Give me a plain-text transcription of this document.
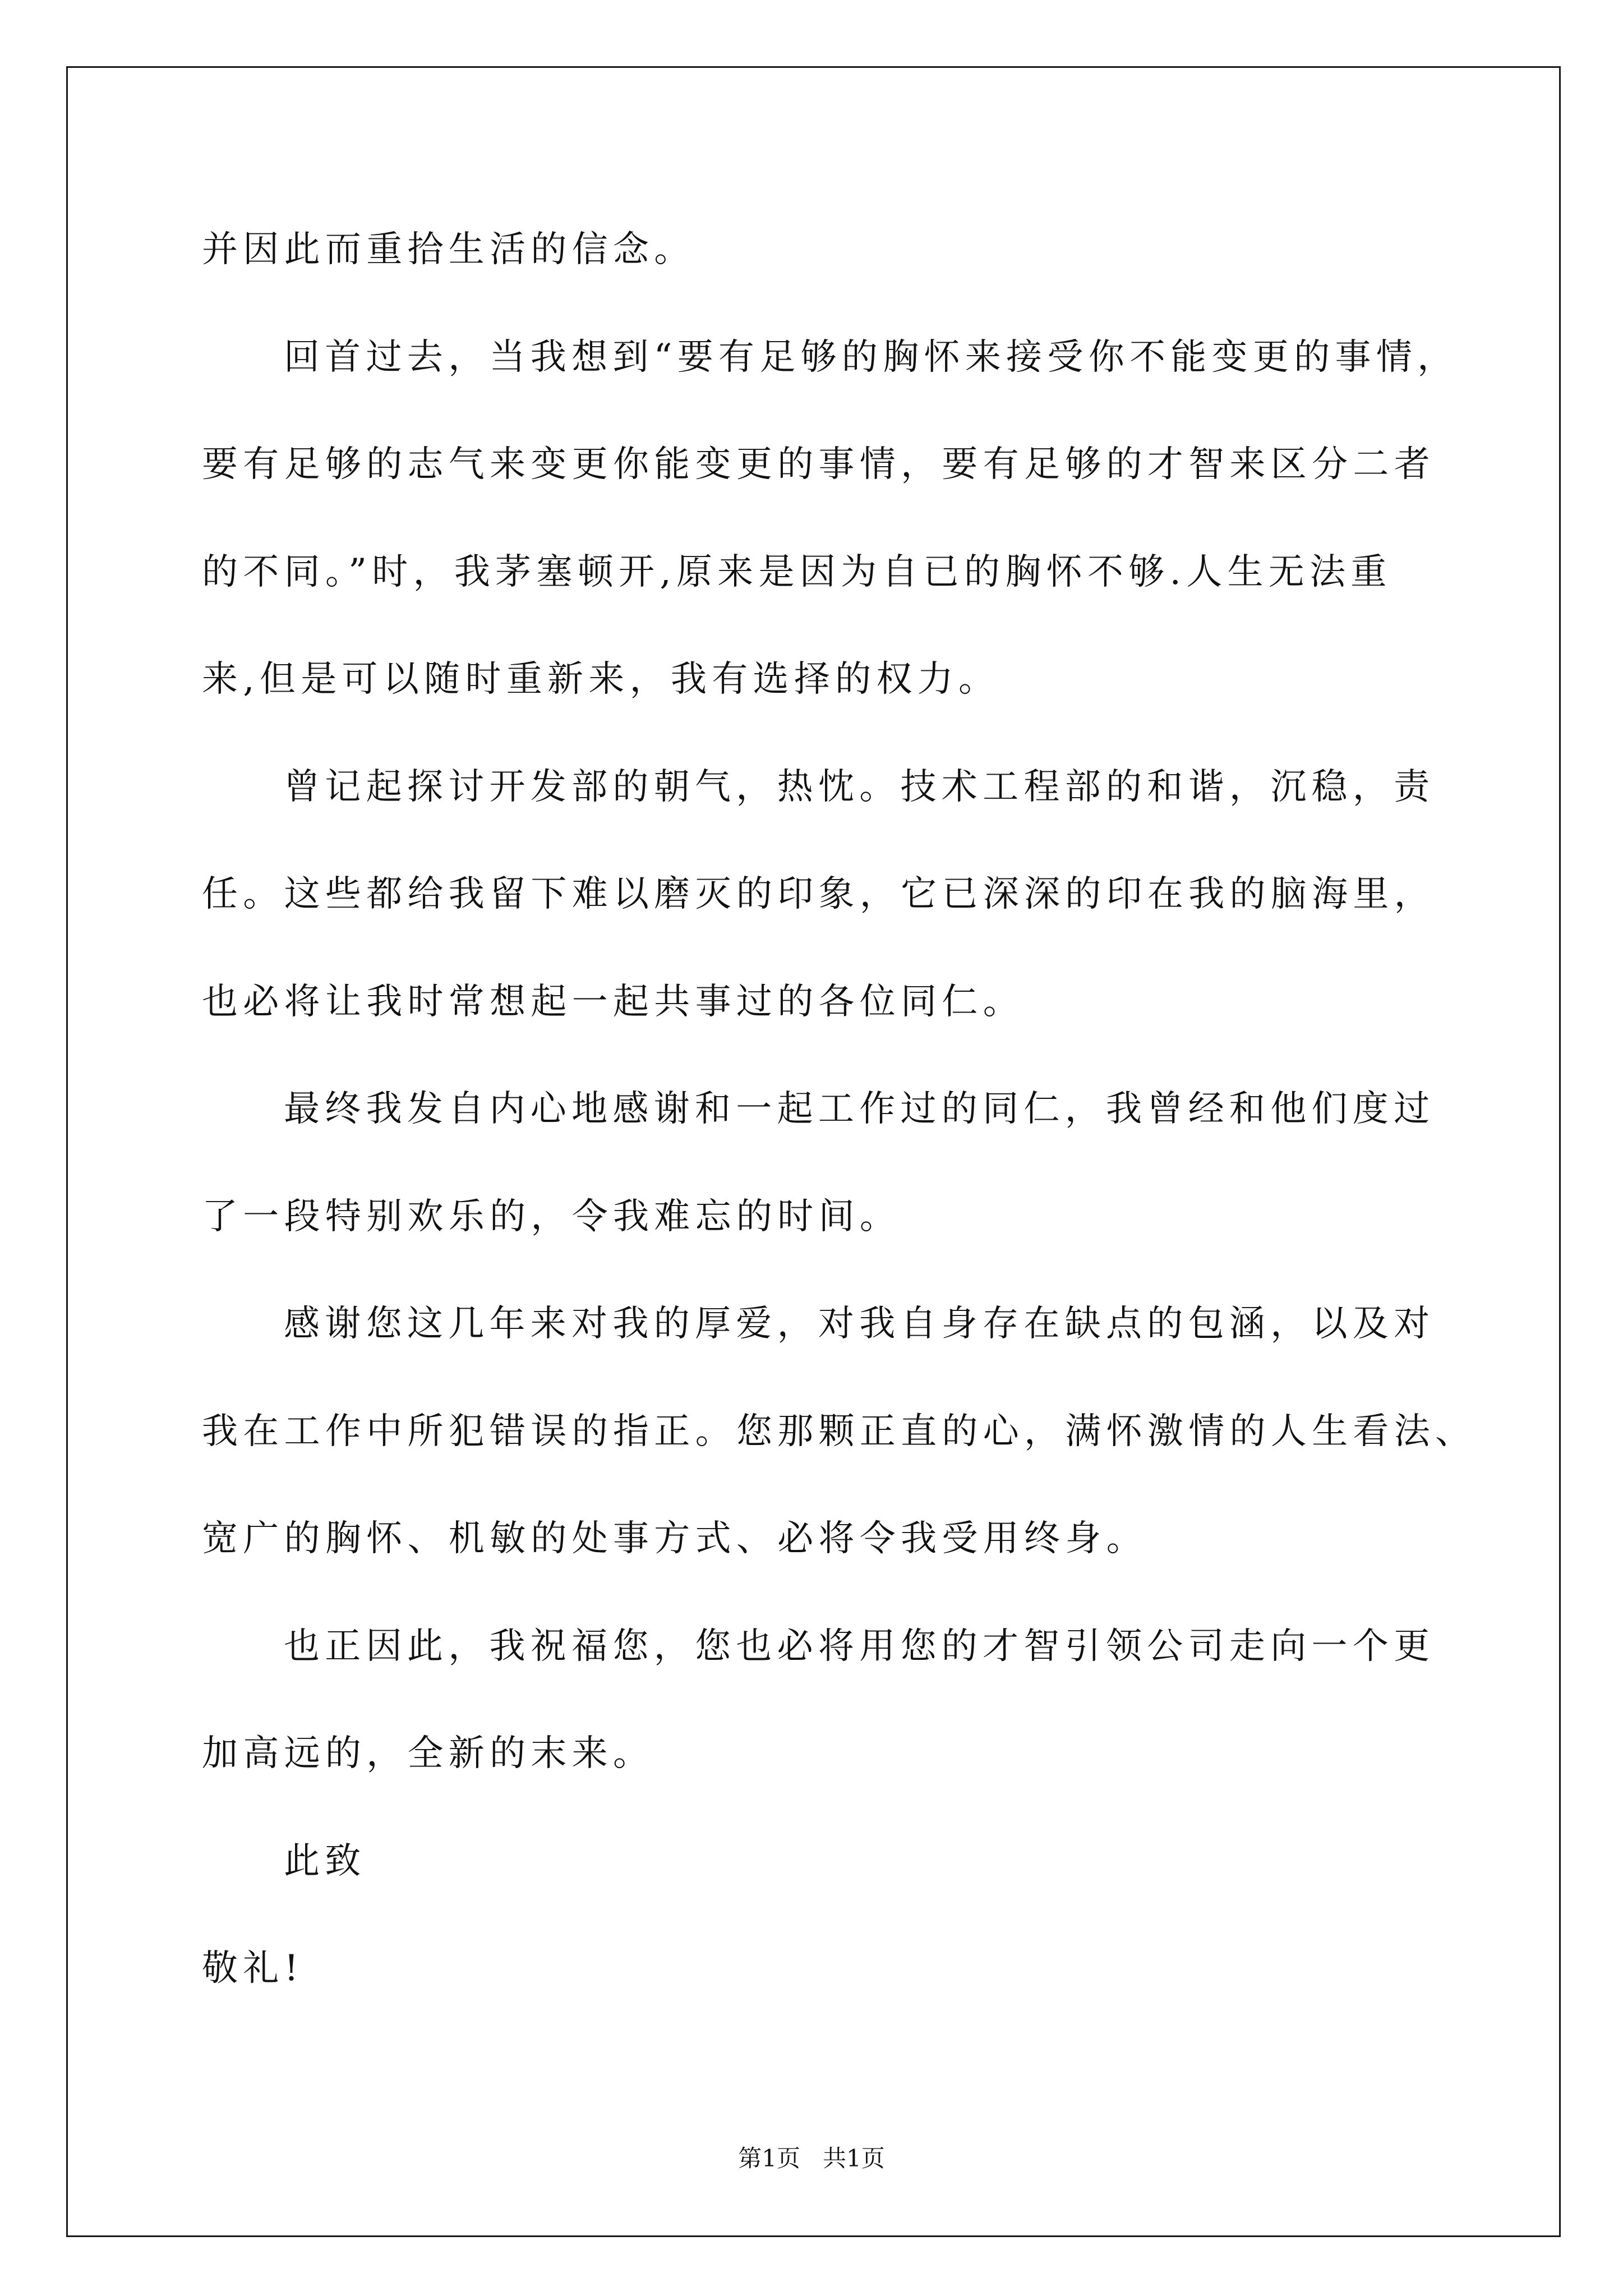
并因此而重拾生活的信念。
回首过去，当我想到“要有足够的胸怀来接受你不能变更的事情，
要有足够的志气来变更你能变更的事情，要有足够的才智来区分二者
的不同。”时，我茅塞顿开,原来是因为自已的胸怀不够.人生无法重
来,但是可以随时重新来，我有选择的权力。
曾记起探讨开发部的朝气，热忱。技术工程部的和谐，沉稳，责
任。这些都给我留下难以磨灭的印象，它已深深的印在我的脑海里，
也必将让我时常想起一起共事过的各位同仁。
最终我发自内心地感谢和一起工作过的同仁，我曾经和他们度过
了一段特别欢乐的，令我难忘的时间。
感谢您这几年来对我的厚爱，对我自身存在缺点的包涵，以及对
我在工作中所犯错误的指正。您那颗正直的心，满怀激情的人生看法、
宽广的胸怀、机敏的处事方式、必将令我受用终身。
也正因此，我祝福您，您也必将用您的才智引领公司走向一个更
加高远的，全新的末来。
此致
敬礼!
第1页 共1页
